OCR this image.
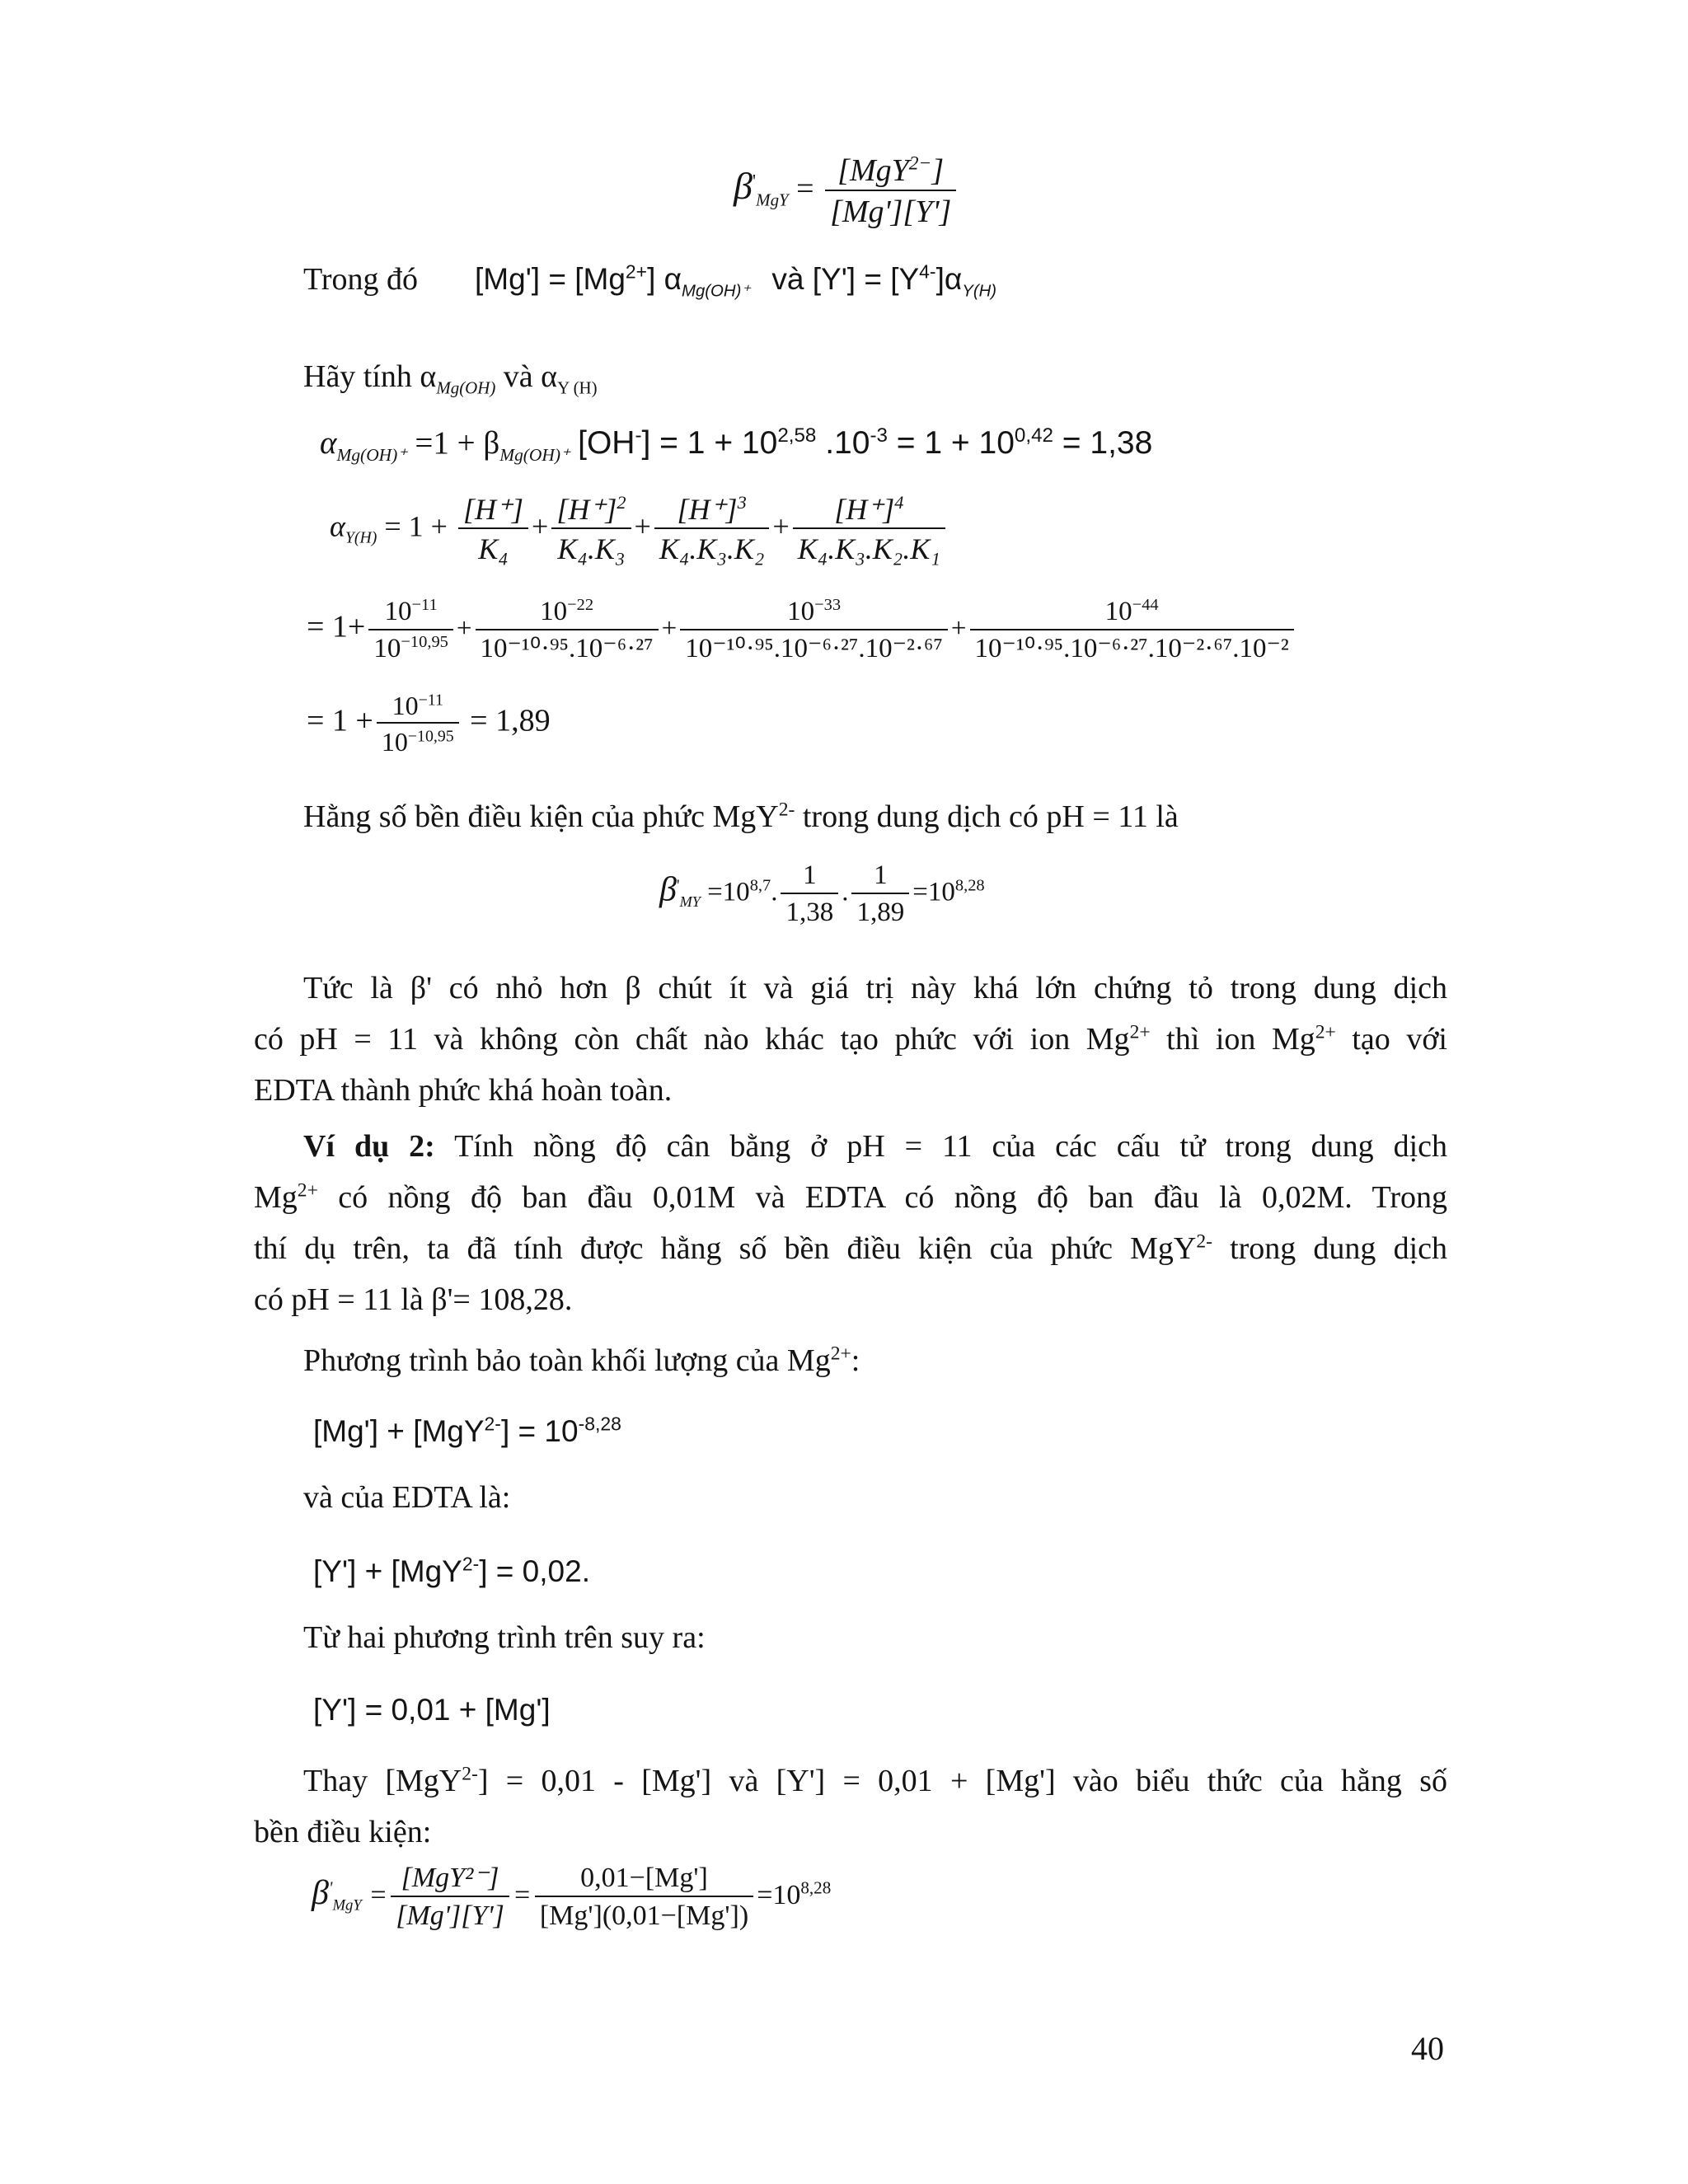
$\beta'_{MgY} = \frac{[MgY^{2-}]}{[Mg'][Y']}$
Trong đó $[Mg'] = [Mg^{2+}]$ $\alpha_{Mg(OH)^+}$ và $[Y'] = [Y^{4-}]\alpha_{Y(H)}$
Hãy tính $\alpha_{Mg(OH)}$ và $\alpha_{Y (H)}$
$\alpha_{Mg(OH)^+} =1 + \beta_{Mg(OH)^+}$ $[OH^-] = 1 + 10^{2,58}$ $.10^{-3} = 1 + 10^{0,42} = 1,38$
$\alpha_{Y(H)} = 1 + \frac{[H^+]}{\text{K₄}} + \frac{[H^+]^2}{\text{K₄.K₃}} + \frac{[H^+]^3}{\text{K₄.K₃.K₂}} + \frac{[H^+]^4}{\text{K₄.K₃.K₂.K₁}}$
= $1+ \frac{10^{-11}}{10^{-10,95}} + \frac{10^{-22}}{\text{10⁻¹⁰·⁹⁵.10⁻⁶·²⁷}} + \frac{10^{-33}}{\text{10⁻¹⁰·⁹⁵.10⁻⁶·²⁷.10⁻²·⁶⁷}} + \frac{10^{-44}}{\text{10⁻¹⁰·⁹⁵.10⁻⁶·²⁷.10⁻²·⁶⁷.10⁻²}}$
= $1 + \frac{10^{-11}}{10^{-10,95}} = 1,89$
Hằng số bền điều kiện của phức MgY$^{2-}$ trong dung dịch có pH = 11 là
$\beta'_{MY} =10^{8,7}$. $\frac{1}{1,38}$ . $\frac{1}{1,89} =10^{8,28}$
Tức là β' có nhỏ hơn β chút ít và giá trị này khá lớn chứng tỏ trong dung dịch
có pH = 11 và không còn chất nào khác tạo phức với ion $Mg^{2+}$ thì ion $Mg^{2+}$ tạo với
EDTA thành phức khá hoàn toàn.
Ví dụ 2: Tính nồng độ cân bằng ở pH = 11 của các cấu tử trong dung dịch
$Mg^{2+}$ có nồng độ ban đầu 0,01M và EDTA có nồng độ ban đầu là 0,02M. Trong
thí dụ trên, ta đã tính được hằng số bền điều kiện của phức MgY$^{2-}$ trong dung dịch
có pH = 11 là β'= 108,28.
Phương trình bảo toàn khối lượng của $Mg^{2+}$:
$[Mg'] + [MgY^{2-}] = 10^{-8,28}$
và của EDTA là:
[Y'] + [MgY$^{2-}$] = 0,02.
Từ hai phương trình trên suy ra:
[Y'] = 0,01 + [Mg']
Thay [MgY$^{2-}$] = 0,01 - [Mg'] và [Y'] = 0,01 + [Mg'] vào biểu thức của hằng số
bền điều kiện:
$\beta'_{MgY} = \frac{\text{[MgY²⁻]}}{[Mg'][Y']} = \frac{0,01-[Mg']}{[Mg'](0,01-[Mg'])} =10^{8,28}$
40
